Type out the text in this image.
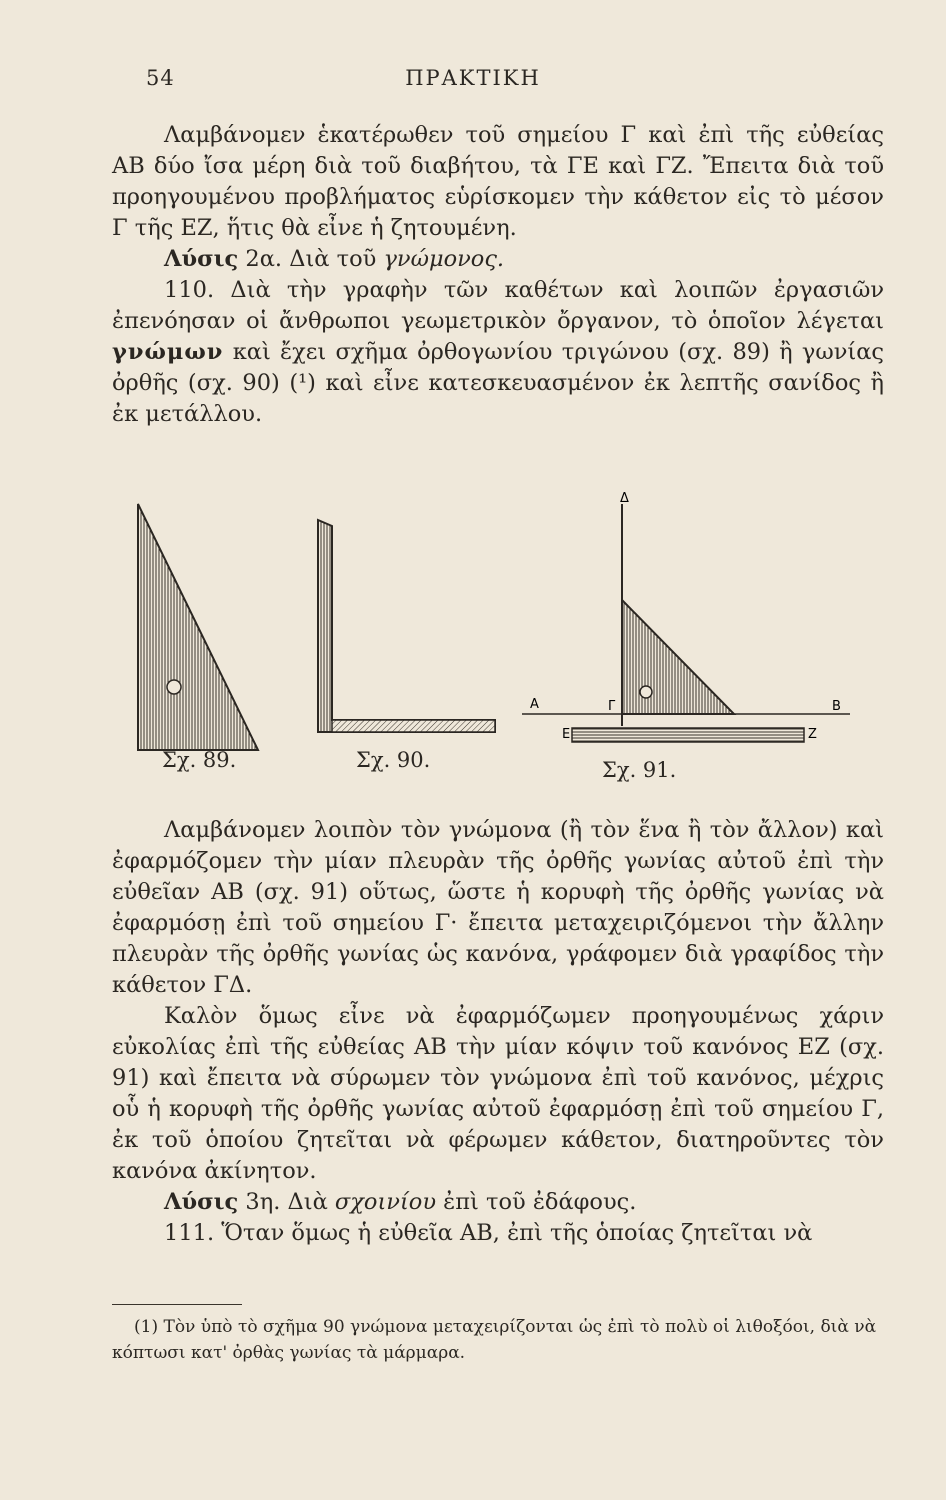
ΠΡΑΚΤΙΚΗ
54

Λαμβάνομεν ἑκατέρωθεν τοῦ σημείου Γ καὶ ἐπὶ τῆς εὐθείας ΑΒ δύο ἴσα μέρη διὰ τοῦ διαβήτου, τὰ ΓΕ καὶ ΓΖ. Ἔπειτα διὰ τοῦ προηγουμένου προβλήματος εὑρίσκομεν τὴν κάθετον εἰς τὸ μέσον Γ τῆς ΕΖ, ἥτις θὰ εἶνε ἡ ζητουμένη.

Λύσις 2α. Διὰ τοῦ γνώμονος.

110. Διὰ τὴν γραφὴν τῶν καθέτων καὶ λοιπῶν ἐργασιῶν ἐπενόησαν οἱ ἄνθρωποι γεωμετρικὸν ὄργανον, τὸ ὁποῖον λέγεται γνώμων καὶ ἔχει σχῆμα ὀρθογωνίου τριγώνου (σχ. 89) ἢ γωνίας ὀρθῆς (σχ. 90) (¹) καὶ εἶνε κατεσκευασμένον ἐκ λεπτῆς σανίδος ἢ ἐκ μετάλλου.

Δ
A	Γ	B
E	Z
Σχ. 89.	Σχ. 90.	Σχ. 91.

Λαμβάνομεν λοιπὸν τὸν γνώμονα (ἢ τὸν ἕνα ἢ τὸν ἄλλον) καὶ ἐφαρμόζομεν τὴν μίαν πλευρὰν τῆς ὀρθῆς γωνίας αὐτοῦ ἐπὶ τὴν εὐθεῖαν ΑΒ (σχ. 91) οὕτως, ὥστε ἡ κορυφὴ τῆς ὀρθῆς γωνίας νὰ ἐφαρμόσῃ ἐπὶ τοῦ σημείου Γ· ἔπειτα μεταχειριζόμενοι τὴν ἄλλην πλευρὰν τῆς ὀρθῆς γωνίας ὡς κανόνα, γράφομεν διὰ γραφίδος τὴν κάθετον ΓΔ.

Καλὸν ὅμως εἶνε νὰ ἐφαρμόζωμεν προηγουμένως χάριν εὐκολίας ἐπὶ τῆς εὐθείας ΑΒ τὴν μίαν κόψιν τοῦ κανόνος ΕΖ (σχ. 91) καὶ ἔπειτα νὰ σύρωμεν τὸν γνώμονα ἐπὶ τοῦ κανόνος, μέχρις οὗ ἡ κορυφὴ τῆς ὀρθῆς γωνίας αὐτοῦ ἐφαρμόσῃ ἐπὶ τοῦ σημείου Γ, ἐκ τοῦ ὁποίου ζητεῖται νὰ φέρωμεν κάθετον, διατηροῦντες τὸν κανόνα ἀκίνητον.

Λύσις 3η. Διὰ σχοινίου ἐπὶ τοῦ ἐδάφους.

111. Ὅταν ὅμως ἡ εὐθεῖα ΑΒ, ἐπὶ τῆς ὁποίας ζητεῖται νὰ

(1) Τὸν ὑπὸ τὸ σχῆμα 90 γνώμονα μεταχειρίζονται ὡς ἐπὶ τὸ πολὺ οἱ λιθοξόοι, διὰ νὰ κόπτωσι κατ' ὀρθὰς γωνίας τὰ μάρμαρα.
